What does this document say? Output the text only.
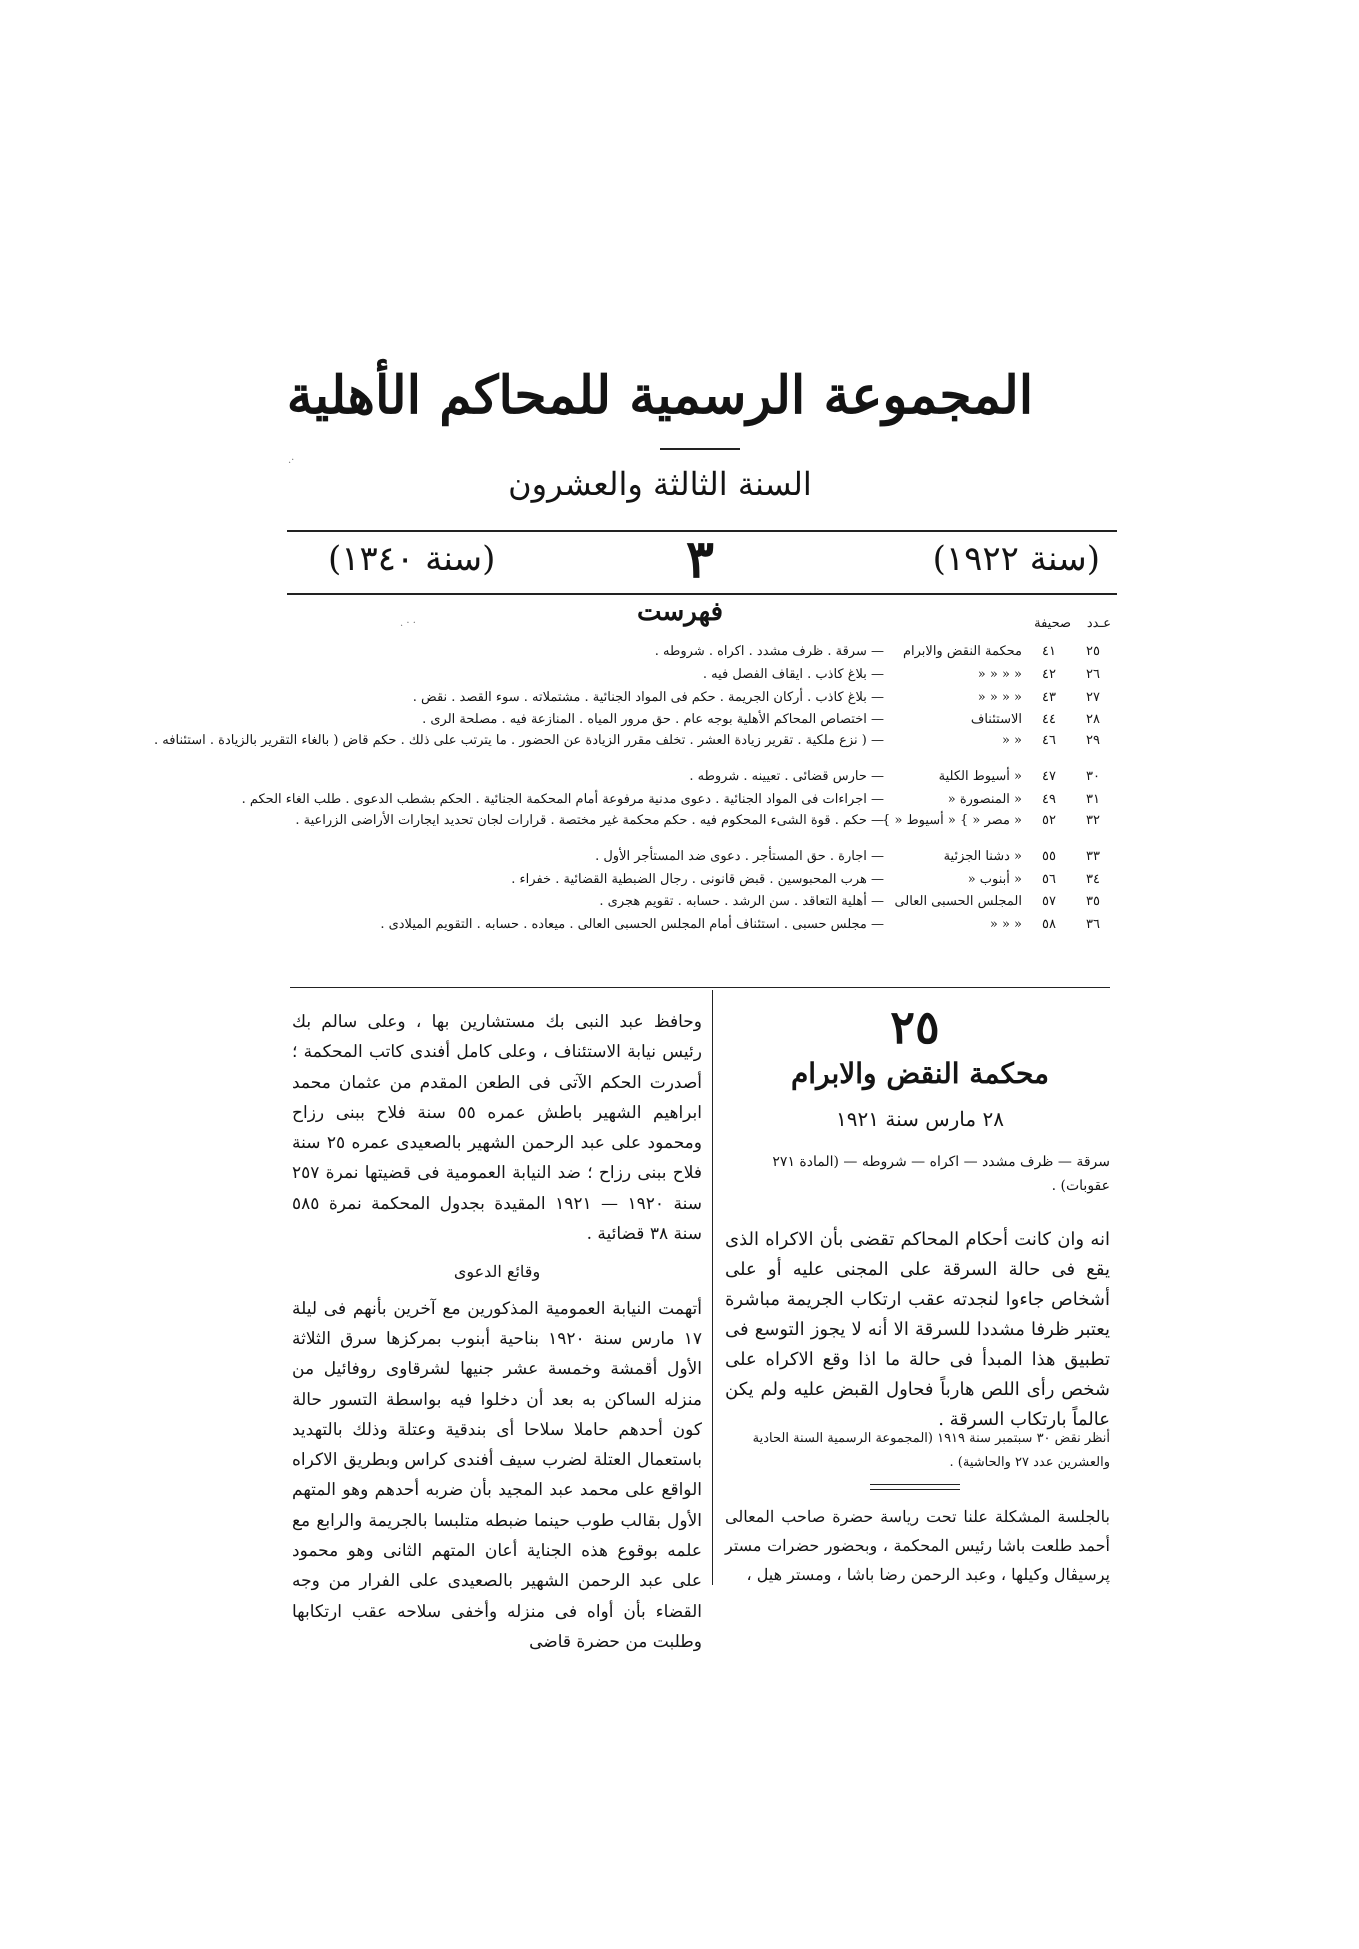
المجموعة الرسمية للمحاكم الأهلية
السنة الثالثة والعشرون
(سنة ١٩٢٢)
٣
(سنة ١٣٤٠)
فهرست	عـددصحيفة
٢٥
٤١
محكمة النقض والابرام
— سرقة . ظرف مشدد . اكراه . شروطه .
٢٦
٤٢
« « « «
— بلاغ كاذب . ايقاف الفصل فيه .
٢٧
٤٣
« « « «
— بلاغ كاذب . أركان الجريمة . حكم فى المواد الجنائية . مشتملاته . سوء القصد . نقض .
٢٨
٤٤
الاستئناف
— اختصاص المحاكم الأهلية بوجه عام . حق مرور المياه . المنازعة فيه . مصلحة الرى .
٢٩
٤٦
« «
— ( نزع ملكية . تقرير زيادة العشر . تخلف مقرر الزيادة عن الحضور . ما يترتب على ذلك . حكم قاض ( بالغاء التقرير بالزيادة . استئنافه .
٣٠
٤٧
« أسيوط الكلية
— حارس قضائى . تعيينه . شروطه .
٣١
٤٩
« المنصورة «
— اجراءات فى المواد الجنائية . دعوى مدنية مرفوعة أمام المحكمة الجنائية . الحكم بشطب الدعوى . طلب الغاء الحكم .
٣٢
٥٢
« مصر « } « أسيوط « }
— حكم . قوة الشىء المحكوم فيه . حكم محكمة غير مختصة . قرارات لجان تحديد ايجارات الأراضى الزراعية .
٣٣
٥٥
« دشنا الجزئية
— اجارة . حق المستأجر . دعوى ضد المستأجر الأول .
٣٤
٥٦
« أبنوب «
— هرب المحبوسين . قبض قانونى . رجال الضبطية القضائية . خفراء .
٣٥
٥٧
المجلس الحسبى العالى
— أهلية التعاقد . سن الرشد . حسابه . تقويم هجرى .
٣٦
٥٨
« « «
— مجلس حسبى . استئناف أمام المجلس الحسبى العالى . ميعاده . حسابه . التقويم الميلادى .
٢٥
محكمة النقض والابرام
٢٨ مارس سنة ١٩٢١
سرقة — ظرف مشدد — اكراه — شروطه — (المادة ٢٧١ عقوبات) .
انه وان كانت أحكام المحاكم تقضى بأن الاكراه الذى يقع فى حالة السرقة على المجنى عليه أو على أشخاص جاءوا لنجدته عقب ارتكاب الجريمة مباشرة يعتبر ظرفا مشددا للسرقة الا أنه لا يجوز التوسع فى تطبيق هذا المبدأ فى حالة ما اذا وقع الاكراه على شخص رأى اللص هارباً فحاول القبض عليه ولم يكن عالماً بارتكاب السرقة .
أنظر نقض ٣٠ سبتمبر سنة ١٩١٩ (المجموعة الرسمية السنة الحادية والعشرين عدد ٢٧ والحاشية) .
بالجلسة المشكلة علنا تحت رياسة حضرة صاحب المعالى أحمد طلعت باشا رئيس المحكمة ، وبحضور حضرات مستر پرسيڤال وكيلها ، وعبد الرحمن رضا باشا ، ومستر هيل ،

وحافظ عبد النبى بك مستشارين بها ، وعلى سالم بك رئيس نيابة الاستئناف ، وعلى كامل أفندى كاتب المحكمة ؛ أصدرت الحكم الآتى فى الطعن المقدم من عثمان محمد ابراهيم الشهير باطش عمره ٥٥ سنة فلاح ببنى رزاح ومحمود على عبد الرحمن الشهير بالصعيدى عمره ٢٥ سنة فلاح ببنى رزاح ؛ ضد النيابة العمومية فى قضيتها نمرة ٢٥٧ سنة ١٩٢٠ — ١٩٢١ المقيدة بجدول المحكمة نمرة ٥٨٥ سنة ٣٨ قضائية .

وقائع الدعوى

أتهمت النيابة العمومية المذكورين مع آخرين بأنهم فى ليلة ١٧ مارس سنة ١٩٢٠ بناحية أبنوب بمركزها سرق الثلاثة الأول أقمشة وخمسة عشر جنيها لشرقاوى روفائيل من منزله الساكن به بعد أن دخلوا فيه بواسطة التسور حالة كون أحدهم حاملا سلاحا أى بندقية وعتلة وذلك بالتهديد باستعمال العتلة لضرب سيف أفندى كراس وبطريق الاكراه الواقع على محمد عبد المجيد بأن ضربه أحدهم وهو المتهم الأول بقالب طوب حينما ضبطه متلبسا بالجريمة والرابع مع علمه بوقوع هذه الجناية أعان المتهم الثانى وهو محمود على عبد الرحمن الشهير بالصعيدى على الفرار من وجه القضاء بأن أواه فى منزله وأخفى سلاحه عقب ارتكابها وطلبت من حضرة قاضى

·.
· · .
